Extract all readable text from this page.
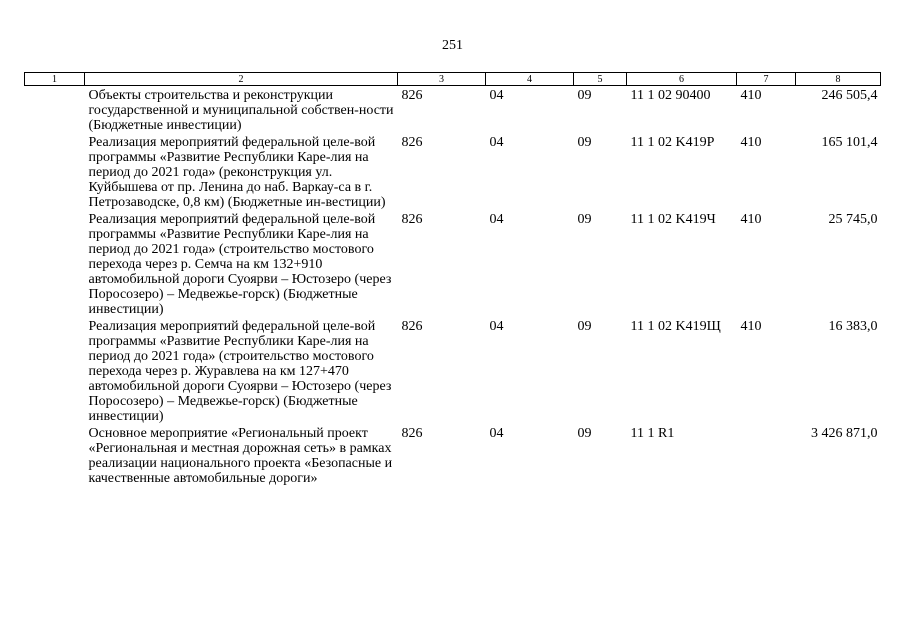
251
1	2	3	4	5	6	7	8
	Объекты строительства и реконструкции государственной и муниципальной собствен-ности (Бюджетные инвестиции)	826	04	09	11 1 02 90400	410	246 505,4
	Реализация мероприятий федеральной целе-вой программы «Развитие Республики Каре-лия на период до 2021 года» (реконструкция ул. Куйбышева от пр. Ленина до наб. Варкау-са в г. Петрозаводске, 0,8 км) (Бюджетные ин-вестиции)	826	04	09	11 1 02 K419Р	410	165 101,4
	Реализация мероприятий федеральной целе-вой программы «Развитие Республики Каре-лия на период до 2021 года» (строительство мостового перехода через р. Семча на км 132+910 автомобильной дороги Суоярви – Юстозеро (через Поросозеро) – Медвежье-горск) (Бюджетные инвестиции)	826	04	09	11 1 02 K419Ч	410	25 745,0
	Реализация мероприятий федеральной целе-вой программы «Развитие Республики Каре-лия на период до 2021 года» (строительство мостового перехода через р. Журавлева на км 127+470 автомобильной дороги Суоярви – Юстозеро (через Поросозеро) – Медвежье-горск) (Бюджетные инвестиции)	826	04	09	11 1 02 K419Щ	410	16 383,0
	Основное мероприятие «Региональный проект «Региональная и местная дорожная сеть» в рамках реализации национального проекта «Безопасные и качественные автомобильные дороги»	826	04	09	11 1 R1		3 426 871,0
